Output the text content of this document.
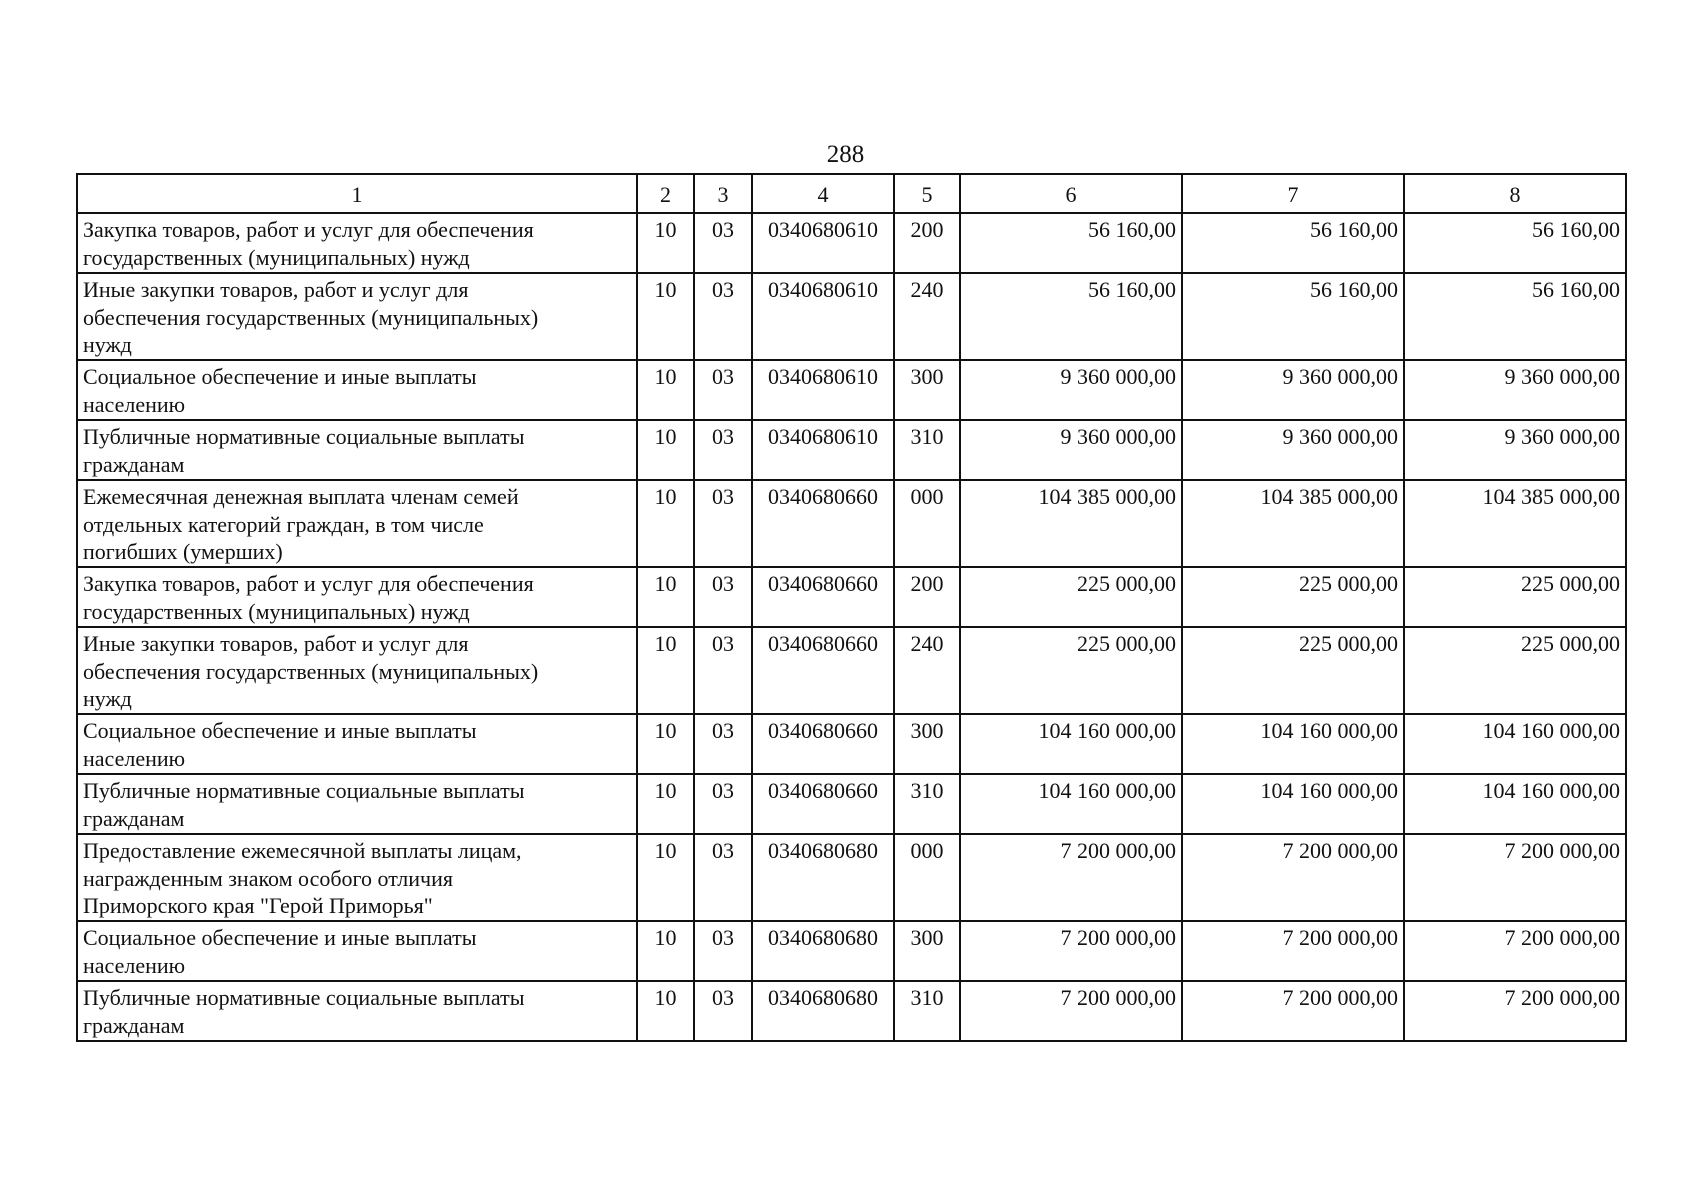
288
1	2	3	4	5	6	7	8
Закупка товаров, работ и услуг для обеспечения
государственных (муниципальных) нужд	10	03	0340680610	200	56 160,00	56 160,00	56 160,00
Иные закупки товаров, работ и услуг для
обеспечения государственных (муниципальных)
нужд	10	03	0340680610	240	56 160,00	56 160,00	56 160,00
Социальное обеспечение и иные выплаты
населению	10	03	0340680610	300	9 360 000,00	9 360 000,00	9 360 000,00
Публичные нормативные социальные выплаты
гражданам	10	03	0340680610	310	9 360 000,00	9 360 000,00	9 360 000,00
Ежемесячная денежная выплата членам семей
отдельных категорий граждан, в том числе
погибших (умерших)	10	03	0340680660	000	104 385 000,00	104 385 000,00	104 385 000,00
Закупка товаров, работ и услуг для обеспечения
государственных (муниципальных) нужд	10	03	0340680660	200	225 000,00	225 000,00	225 000,00
Иные закупки товаров, работ и услуг для
обеспечения государственных (муниципальных)
нужд	10	03	0340680660	240	225 000,00	225 000,00	225 000,00
Социальное обеспечение и иные выплаты
населению	10	03	0340680660	300	104 160 000,00	104 160 000,00	104 160 000,00
Публичные нормативные социальные выплаты
гражданам	10	03	0340680660	310	104 160 000,00	104 160 000,00	104 160 000,00
Предоставление ежемесячной выплаты лицам,
награжденным знаком особого отличия
Приморского края "Герой Приморья"	10	03	0340680680	000	7 200 000,00	7 200 000,00	7 200 000,00
Социальное обеспечение и иные выплаты
населению	10	03	0340680680	300	7 200 000,00	7 200 000,00	7 200 000,00
Публичные нормативные социальные выплаты
гражданам	10	03	0340680680	310	7 200 000,00	7 200 000,00	7 200 000,00
